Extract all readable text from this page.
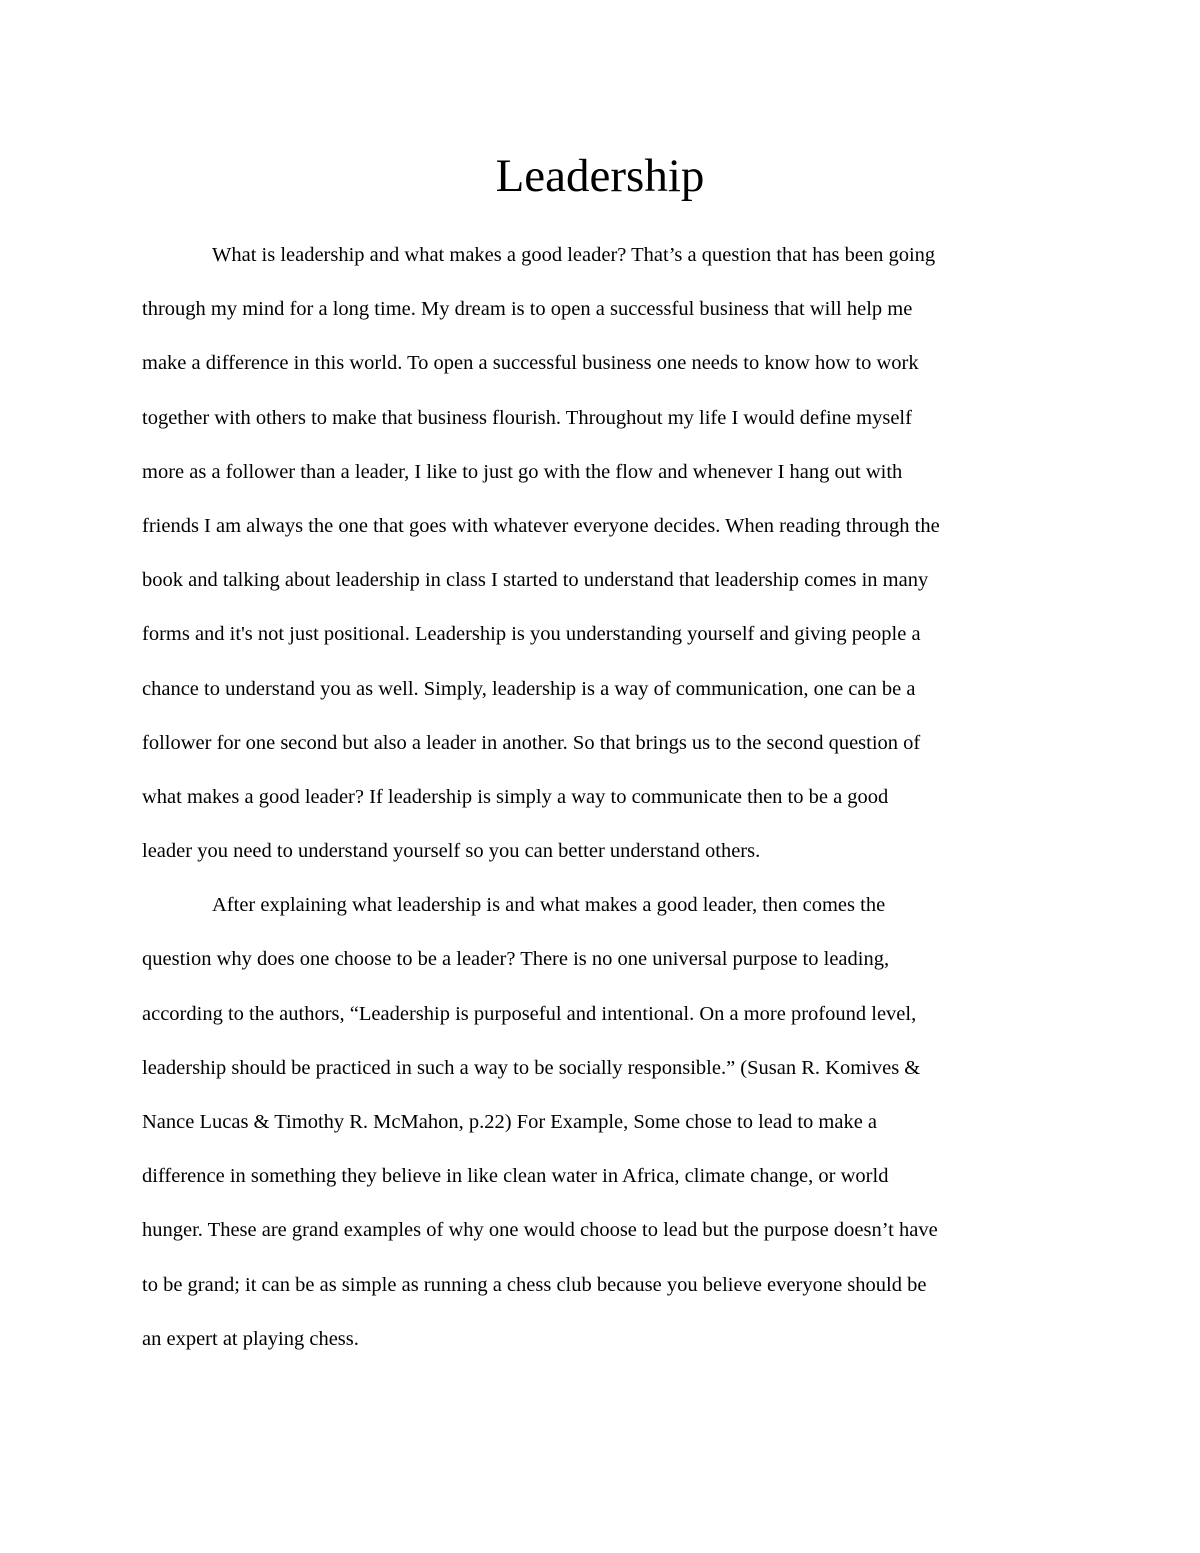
Leadership
What is leadership and what makes a good leader? That’s a question that has been going
through my mind for a long time. My dream is to open a successful business that will help me
make a difference in this world. To open a successful business one needs to know how to work
together with others to make that business flourish. Throughout my life I would define myself
more as a follower than a leader, I like to just go with the flow and whenever I hang out with
friends I am always the one that goes with whatever everyone decides. When reading through the
book and talking about leadership in class I started to understand that leadership comes in many
forms and it's not just positional. Leadership is you understanding yourself and giving people a
chance to understand you as well. Simply, leadership is a way of communication, one can be a
follower for one second but also a leader in another. So that brings us to the second question of
what makes a good leader? If leadership is simply a way to communicate then to be a good
leader you need to understand yourself so you can better understand others.
After explaining what leadership is and what makes a good leader, then comes the
question why does one choose to be a leader? There is no one universal purpose to leading,
according to the authors, “Leadership is purposeful and intentional. On a more profound level,
leadership should be practiced in such a way to be socially responsible.” (Susan R. Komives &
Nance Lucas & Timothy R. McMahon, p.22) For Example, Some chose to lead to make a
difference in something they believe in like clean water in Africa, climate change, or world
hunger. These are grand examples of why one would choose to lead but the purpose doesn’t have
to be grand; it can be as simple as running a chess club because you believe everyone should be
an expert at playing chess.
